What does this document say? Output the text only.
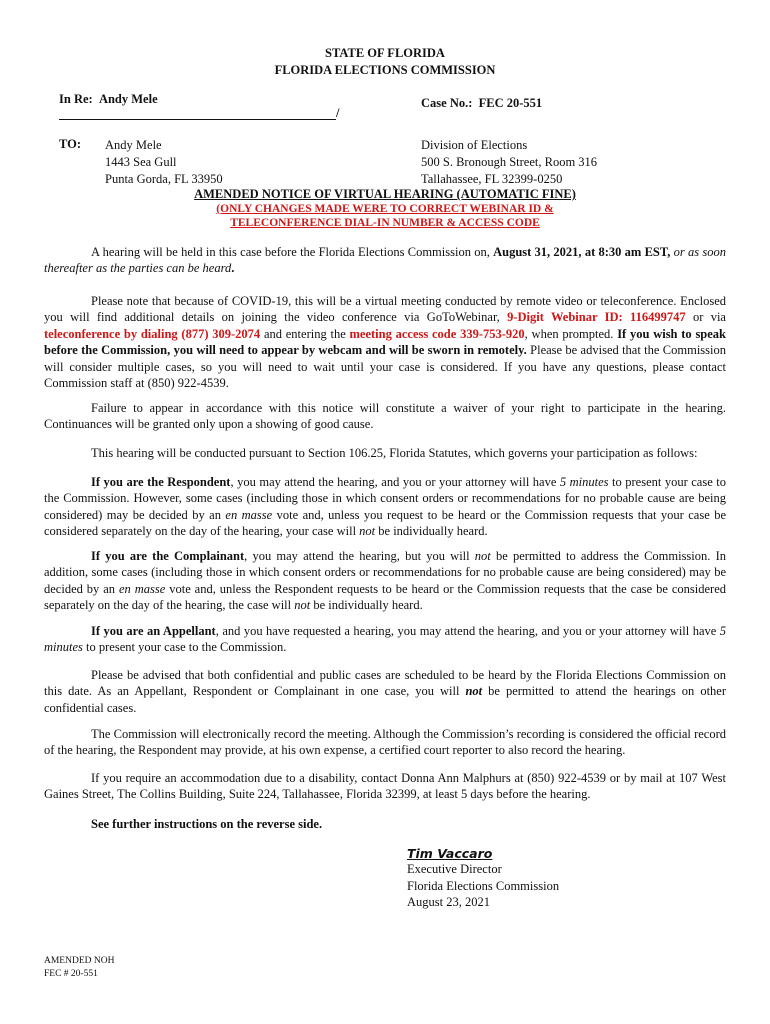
STATE OF FLORIDA
FLORIDA ELECTIONS COMMISSION
In Re: Andy Mele
/
Case No.: FEC 20-551
TO: Andy Mele
1443 Sea Gull
Punta Gorda, FL 33950
Division of Elections
500 S. Bronough Street, Room 316
Tallahassee, FL 32399-0250
AMENDED NOTICE OF VIRTUAL HEARING (AUTOMATIC FINE)
(ONLY CHANGES MADE WERE TO CORRECT WEBINAR ID &
TELECONFERENCE DIAL-IN NUMBER & ACCESS CODE

A hearing will be held in this case before the Florida Elections Commission on, August 31, 2021, at 8:30 am EST, or as soon thereafter as the parties can be heard.

Please note that because of COVID-19, this will be a virtual meeting conducted by remote video or teleconference. Enclosed you will find additional details on joining the video conference via GoToWebinar, 9-Digit Webinar ID: 116499747 or via teleconference by dialing (877) 309-2074 and entering the meeting access code 339-753-920, when prompted. If you wish to speak before the Commission, you will need to appear by webcam and will be sworn in remotely. Please be advised that the Commission will consider multiple cases, so you will need to wait until your case is considered. If you have any questions, please contact Commission staff at (850) 922-4539.

Failure to appear in accordance with this notice will constitute a waiver of your right to participate in the hearing. Continuances will be granted only upon a showing of good cause.

This hearing will be conducted pursuant to Section 106.25, Florida Statutes, which governs your participation as follows:

If you are the Respondent, you may attend the hearing, and you or your attorney will have 5 minutes to present your case to the Commission. However, some cases (including those in which consent orders or recommendations for no probable cause are being considered) may be decided by an en masse vote and, unless you request to be heard or the Commission requests that your case be considered separately on the day of the hearing, your case will not be individually heard.

If you are the Complainant, you may attend the hearing, but you will not be permitted to address the Commission. In addition, some cases (including those in which consent orders or recommendations for no probable cause are being considered) may be decided by an en masse vote and, unless the Respondent requests to be heard or the Commission requests that the case be considered separately on the day of the hearing, the case will not be individually heard.

If you are an Appellant, and you have requested a hearing, you may attend the hearing, and you or your attorney will have 5 minutes to present your case to the Commission.

Please be advised that both confidential and public cases are scheduled to be heard by the Florida Elections Commission on this date. As an Appellant, Respondent or Complainant in one case, you will not be permitted to attend the hearings on other confidential cases.

The Commission will electronically record the meeting. Although the Commission’s recording is considered the official record of the hearing, the Respondent may provide, at his own expense, a certified court reporter to also record the hearing.

If you require an accommodation due to a disability, contact Donna Ann Malphurs at (850) 922-4539 or by mail at 107 West Gaines Street, The Collins Building, Suite 224, Tallahassee, Florida 32399, at least 5 days before the hearing.

See further instructions on the reverse side.

Tim Vaccaro
Executive Director
Florida Elections Commission
August 23, 2021
AMENDED NOH
FEC # 20-551
